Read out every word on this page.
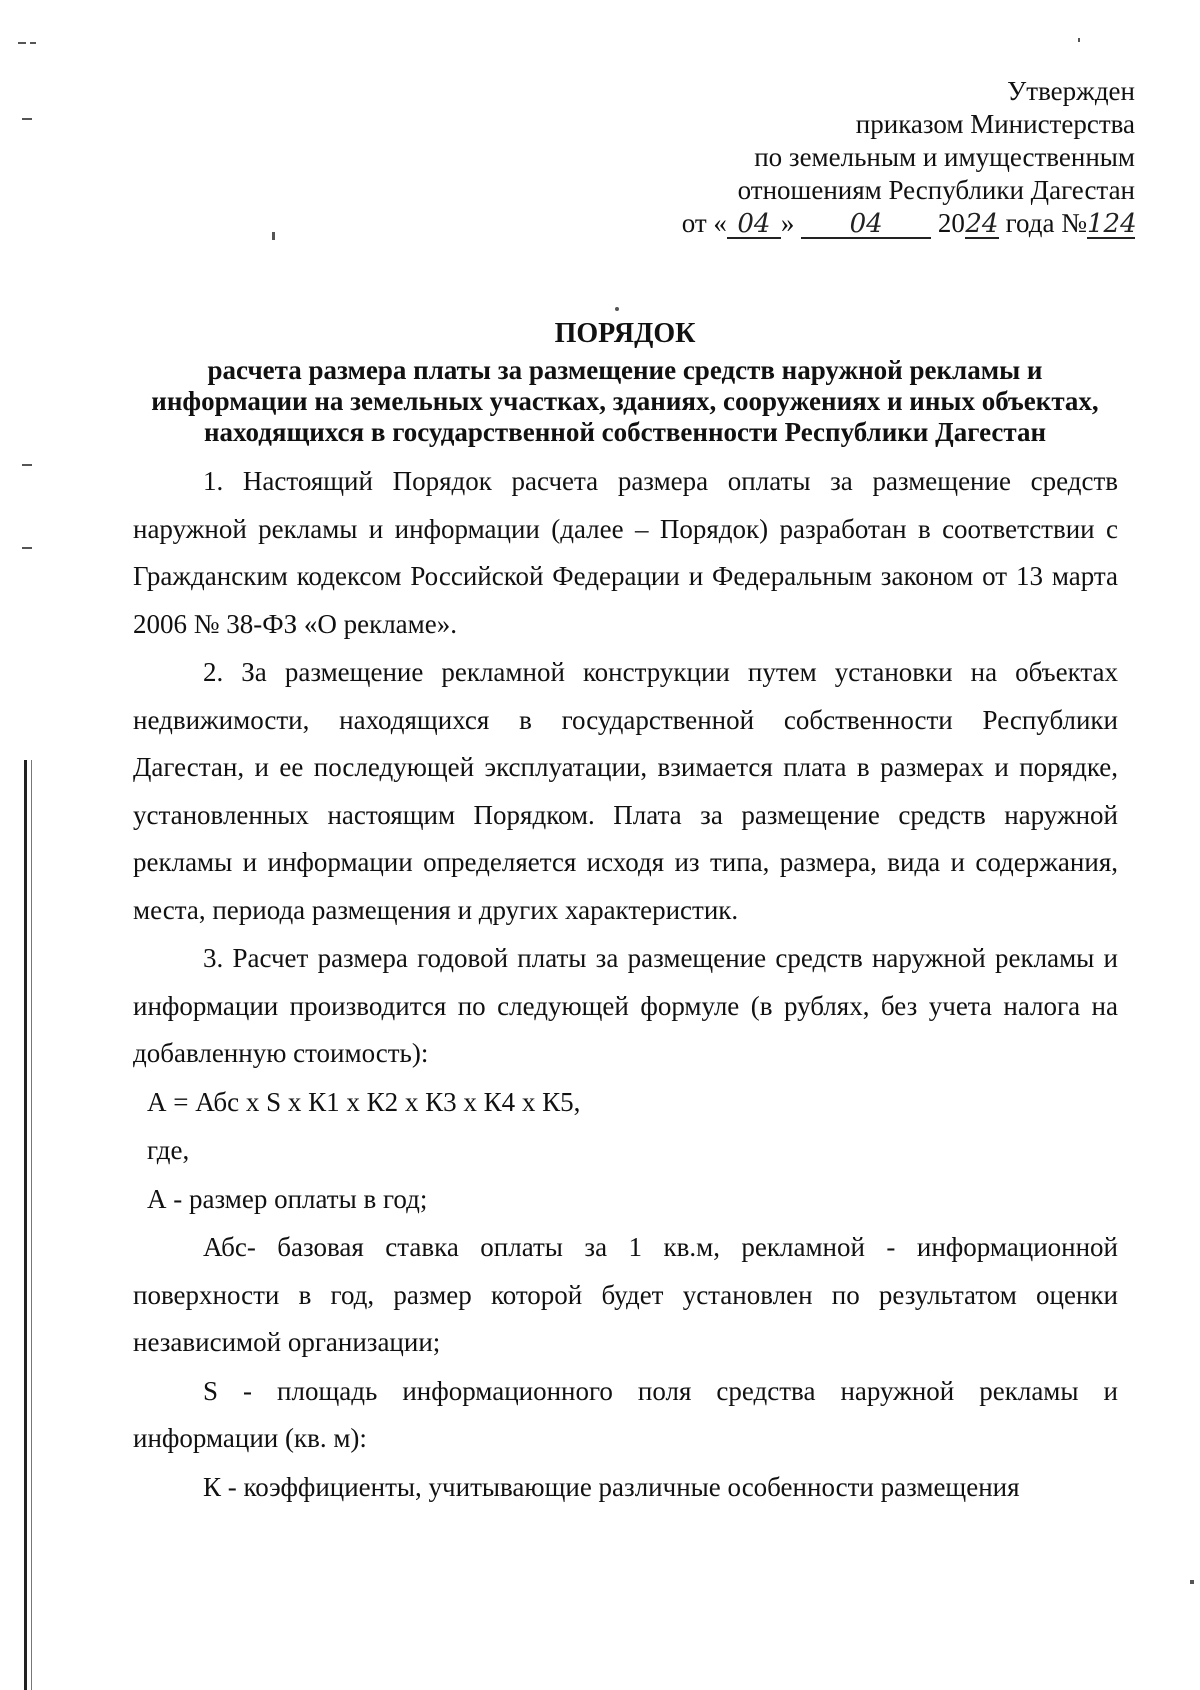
Утвержден
приказом Министерства
по земельным и имущественным
отношениям Республики Дагестан
от « 04 » 04 2024 года №124
ПОРЯДОК
расчета размера платы за размещение средств наружной рекламы и
информации на земельных участках, зданиях, сооружениях и иных объектах,
находящихся в государственной собственности Республики Дагестан

1. Настоящий Порядок расчета размера оплаты за размещение средств наружной рекламы и информации (далее – Порядок) разработан в соответствии с Гражданским кодексом Российской Федерации и Федеральным законом от 13 марта 2006 № 38-ФЗ «О рекламе».

2. За размещение рекламной конструкции путем установки на объектах недвижимости, находящихся в государственной собственности Республики Дагестан, и ее последующей эксплуатации, взимается плата в размерах и порядке, установленных настоящим Порядком. Плата за размещение средств наружной рекламы и информации определяется исходя из типа, размера, вида и содержания, места, периода размещения и других характеристик.

3. Расчет размера годовой платы за размещение средств наружной рекламы и информации производится по следующей формуле (в рублях, без учета налога на добавленную стоимость):

А = Абс х S х К1 х К2 х К3 х К4 х К5,

где,

А - размер оплаты в год;

Абс- базовая ставка оплаты за 1 кв.м, рекламной - информационной поверхности в год, размер которой будет установлен по результатом оценки независимой организации;

S - площадь информационного поля средства наружной рекламы и информации (кв. м):

К - коэффициенты, учитывающие различные особенности размещения
